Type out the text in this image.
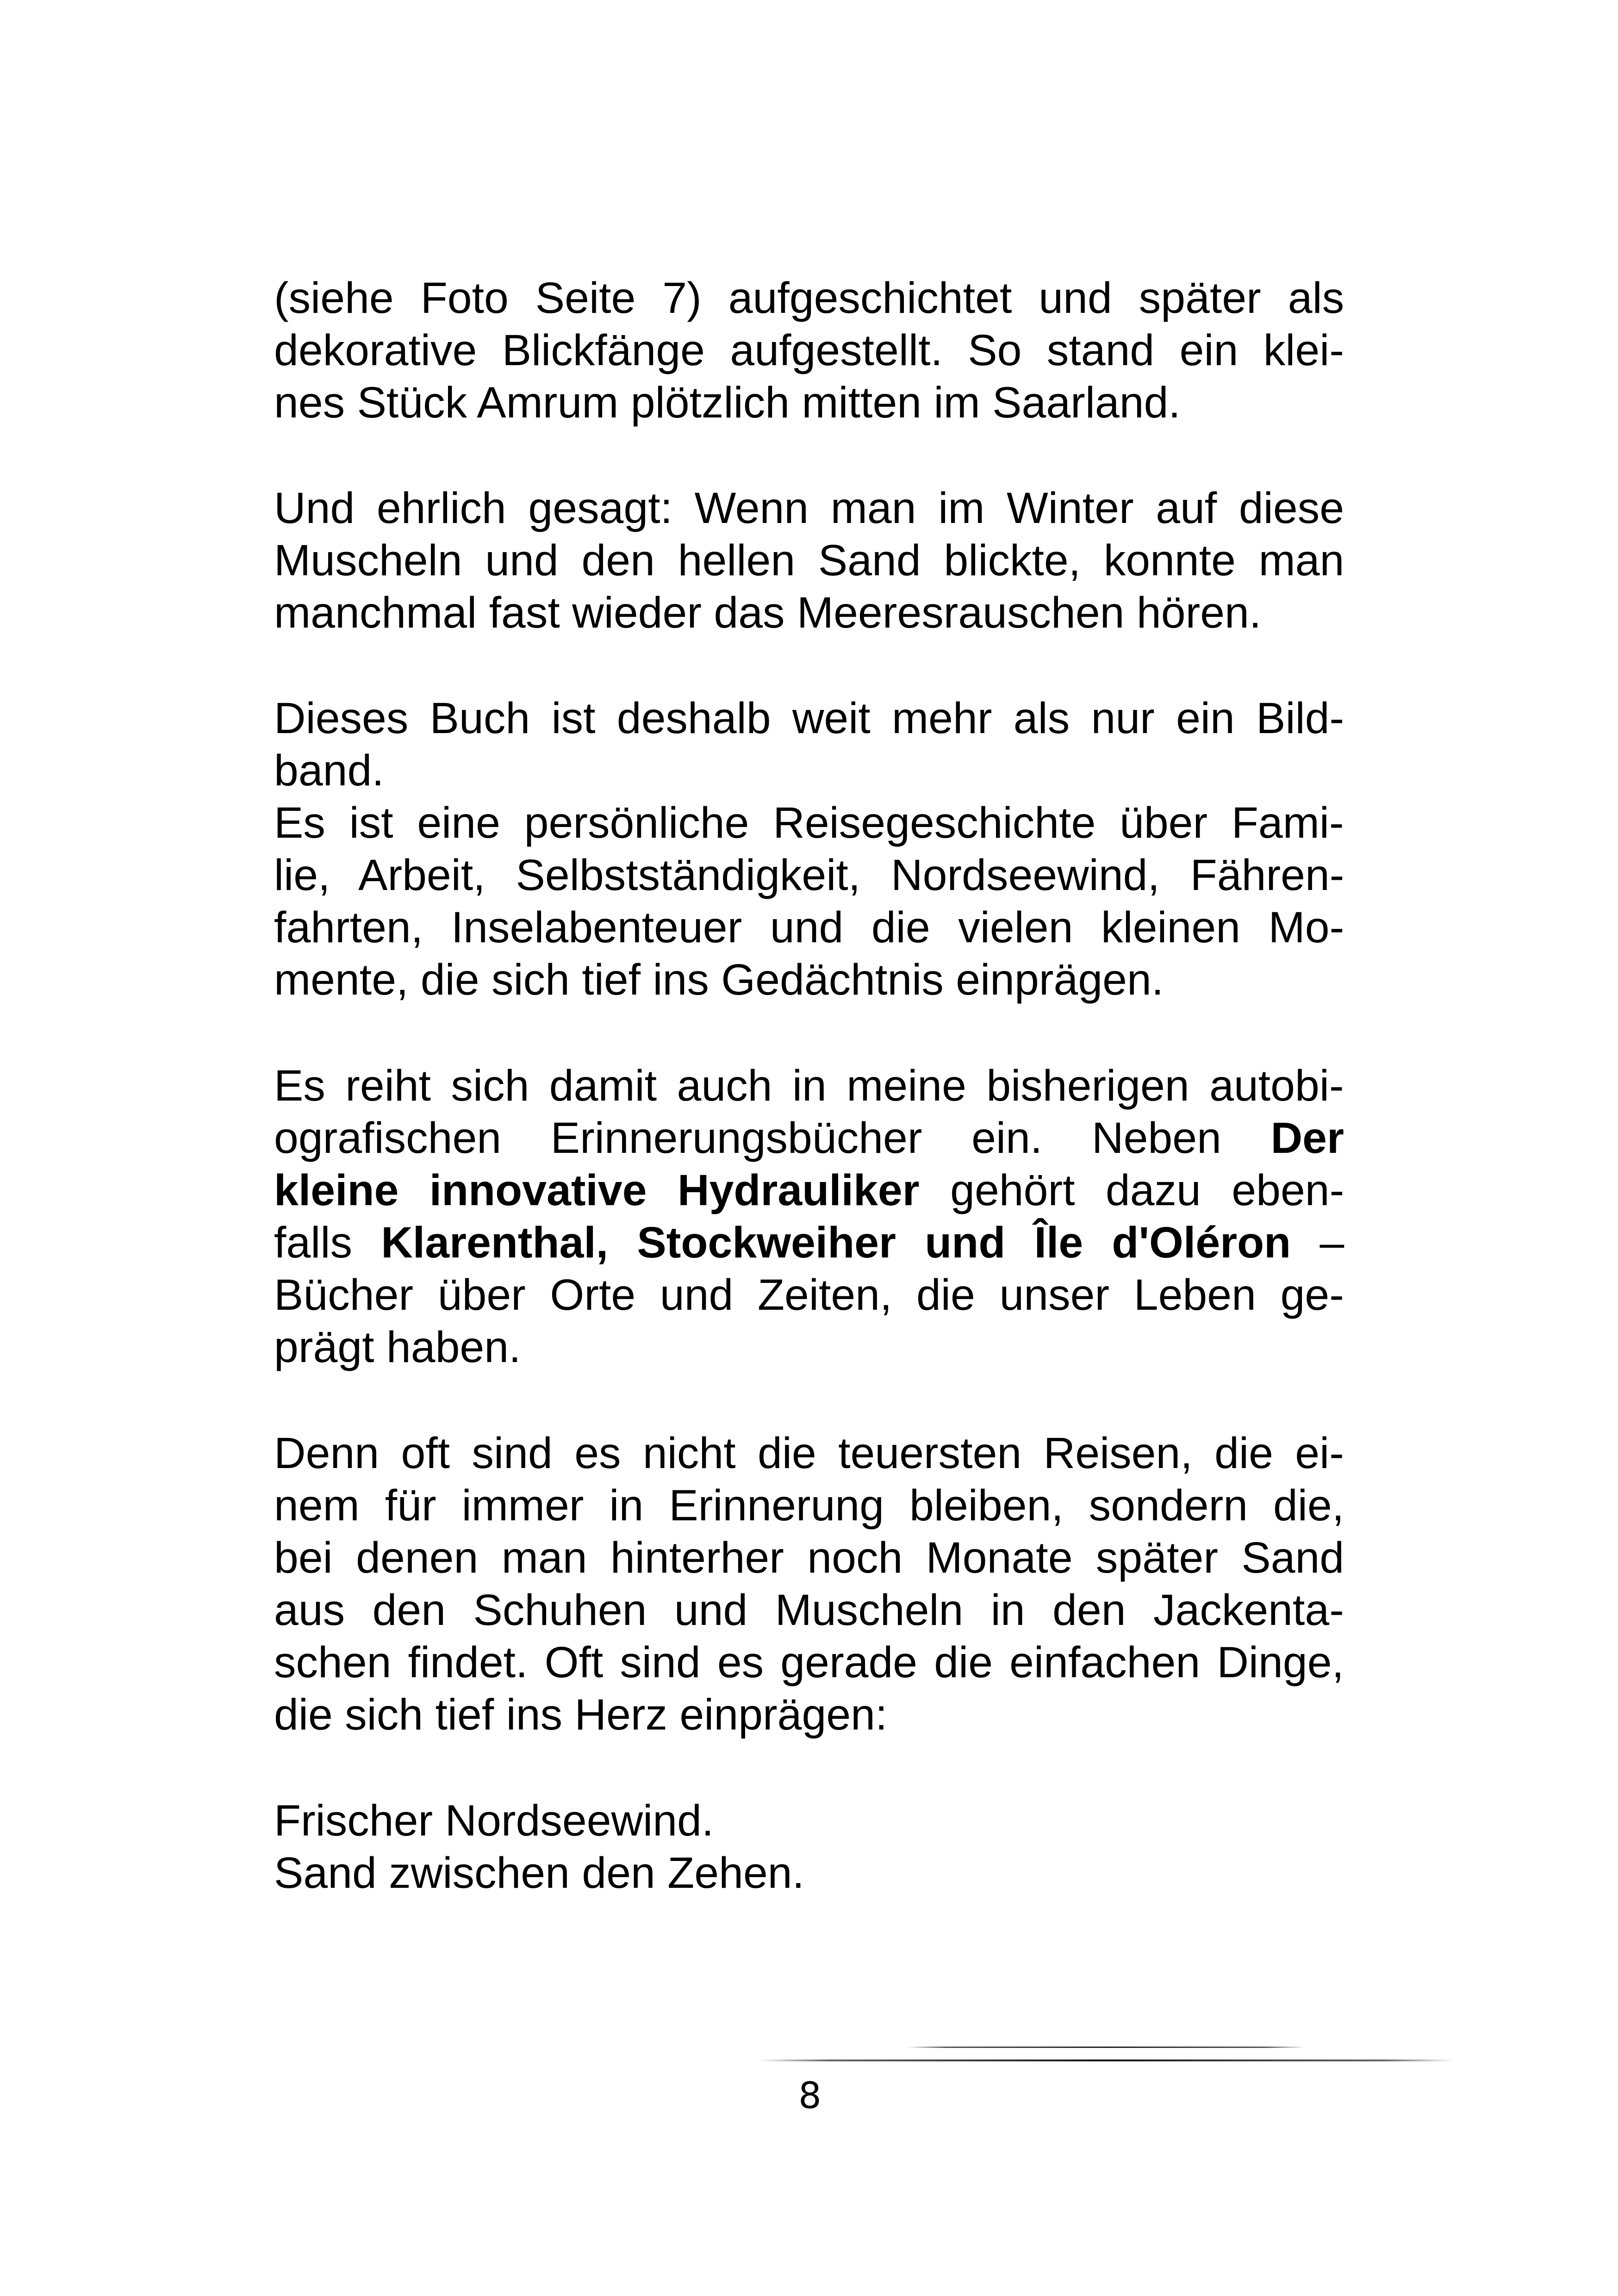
(siehe Foto Seite 7) aufgeschichtet und später als
dekorative Blickfänge aufgestellt. So stand ein klei-
nes Stück Amrum plötzlich mitten im Saarland.

Und ehrlich gesagt: Wenn man im Winter auf diese
Muscheln und den hellen Sand blickte, konnte man
manchmal fast wieder das Meeresrauschen hören.

Dieses Buch ist deshalb weit mehr als nur ein Bild-
band.
Es ist eine persönliche Reisegeschichte über Fami-
lie, Arbeit, Selbstständigkeit, Nordseewind, Fähren-
fahrten, Inselabenteuer und die vielen kleinen Mo-
mente, die sich tief ins Gedächtnis einprägen.

Es reiht sich damit auch in meine bisherigen autobi-
ografischen Erinnerungsbücher ein. Neben Der
kleine innovative Hydrauliker gehört dazu eben-
falls Klarenthal, Stockweiher und Île d'Oléron –
Bücher über Orte und Zeiten, die unser Leben ge-
prägt haben.

Denn oft sind es nicht die teuersten Reisen, die ei-
nem für immer in Erinnerung bleiben, sondern die,
bei denen man hinterher noch Monate später Sand
aus den Schuhen und Muscheln in den Jackenta-
schen findet. Oft sind es gerade die einfachen Dinge,
die sich tief ins Herz einprägen:

Frischer Nordseewind.
Sand zwischen den Zehen.

8
